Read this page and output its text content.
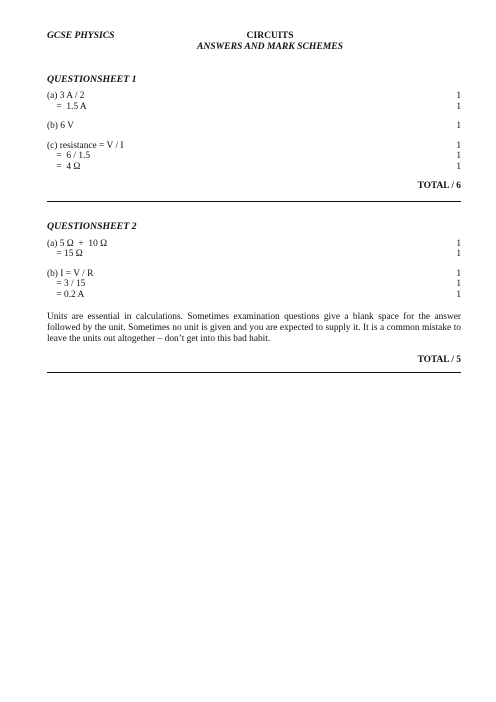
GCSE PHYSICS	CIRCUITS
ANSWERS AND MARK SCHEMES
QUESTIONSHEET 1
(a) 3 A / 2	1
=  1.5 A	1
(b) 6 V	1
(c) resistance = V / I	1
=  6 / 1.5	1
=  4 Ω	1
TOTAL / 6
QUESTIONSHEET 2
(a) 5 Ω  +  10 Ω	1
= 15 Ω	1
(b) I = V / R	1
= 3 / 15	1
= 0.2 A	1
Units are essential in calculations. Sometimes examination questions give a blank space for the answer followed by the unit. Sometimes no unit is given and you are expected to supply it. It is a common mistake to leave the units out altogether – don’t get into this bad habit.
TOTAL / 5
